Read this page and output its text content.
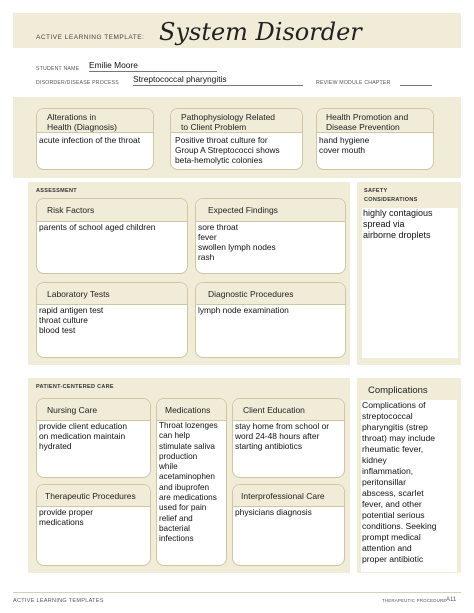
ACTIVE LEARNING TEMPLATE: System Disorder
STUDENT NAME Emilie Moore
DISORDER/DISEASE PROCESS Streptococcal pharyngitis	REVIEW MODULE CHAPTER
Alterations in
Health (Diagnosis)
acute infection of the throat
Pathophysiology Related
to Client Problem
Positive throat culture for
Group A Streptococci shows
beta-hemolytic colonies
Health Promotion and
Disease Prevention
hand hygiene
cover mouth
ASSESSMENT
Risk Factors
parents of school aged children
Expected Findings
sore throat
fever
swollen lymph nodes
rash
Laboratory Tests
rapid antigen test
throat culture
blood test
Diagnostic Procedures
lymph node examination
SAFETY
CONSIDERATIONS
highly contagious
spread via
airborne droplets
PATIENT-CENTERED CARE
Nursing Care
provide client education
on medication maintain
hydrated
Medications
Throat lozenges
can help
stimulate saliva
production
while
acetaminophen
and ibuprofen
are medications
used for pain
relief and
bacterial
infections
Client Education
stay home from school or
word 24-48 hours after
starting antibiotics
Therapeutic Procedures
provide proper
medications
Interprofessional Care
physicians diagnosis
Complications
Complications of
streptococcal
pharyngitis (strep
throat) may include
rheumatic fever,
kidney
inflammation,
peritonsillar
abscess, scarlet
fever, and other
potential serious
conditions. Seeking
prompt medical
attention and
proper antibiotic
ACTIVE LEARNING TEMPLATES	THERAPEUTIC PROCEDURE A11
